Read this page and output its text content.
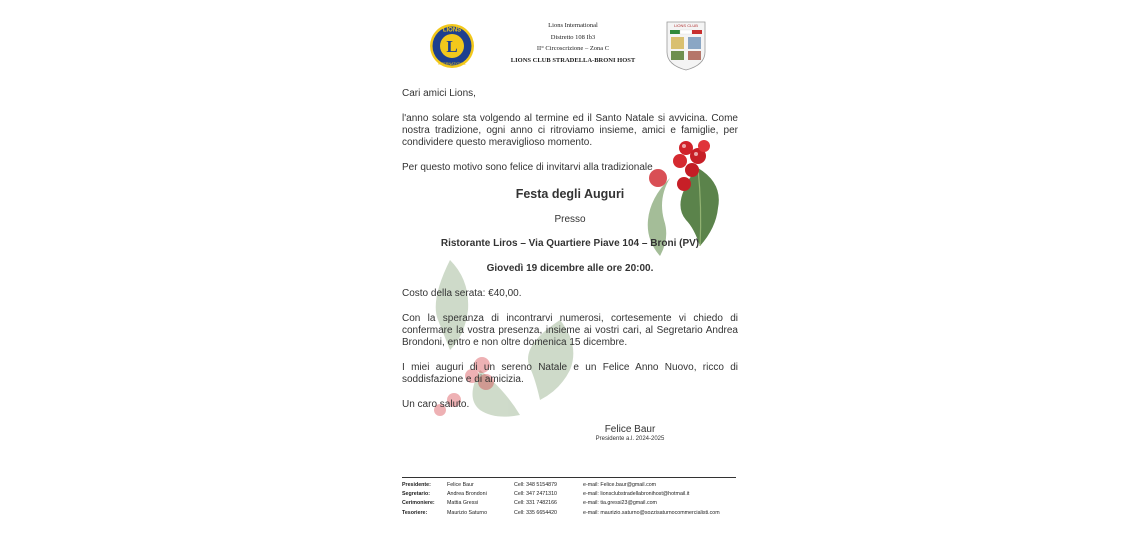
L
LIONS
INTERNATIONAL
Lions International
Distretto 108 Ib3
II° Circoscrizione – Zona C
LIONS CLUB STRADELLA-BRONI HOST
LIONS CLUB
Cari amici Lions,
l'anno solare sta volgendo al termine ed il Santo Natale si avvicina. Come nostra tradizione, ogni anno ci ritroviamo insieme, amici e famiglie, per condividere questo meraviglioso momento.
Per questo motivo sono felice di invitarvi alla tradizionale
Festa degli Auguri
Presso
Ristorante Liros – Via Quartiere Piave 104 – Broni (PV)
Giovedì 19 dicembre alle ore 20:00.
Costo della serata: €40,00.
Con la speranza di incontrarvi numerosi, cortesemente vi chiedo di confermare la vostra presenza, insieme ai vostri cari, al Segretario Andrea Brondoni, entro e non oltre domenica 15 dicembre.
I miei auguri di un sereno Natale e un Felice Anno Nuovo, ricco di soddisfazione e di amicizia.
Un caro saluto.
Felice Baur
Presidente a.l. 2024-2025
Presidente:	Felice Baur	Cell: 348 5154879	e-mail: Felice.baur@gmail.com
Segretario:	Andrea Brondoni	Cell: 347 2471310	e-mail: lionsclubstradellabronihost@hotmail.it
Cerimoniere:	Mattia Gressi	Cell: 331 7482166	e-mail: tia.gressi23@gmail.com
Tesoriere:	Maurizio Saturno	Cell: 335 6654420	e-mail: maurizio.saturno@sozzisaturnocommercialisti.com
